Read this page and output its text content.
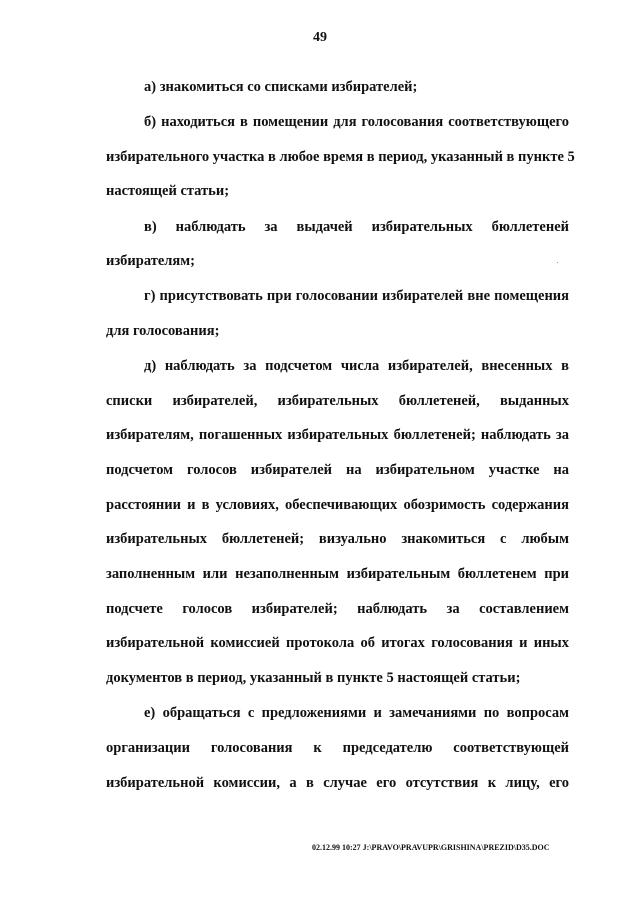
49
а) знакомиться со списками избирателей;
б) находиться в помещении для голосования соответствующего
избирательного участка в любое время в период, указанный в пункте 5
настоящей статьи;
в) наблюдать за выдачей избирательных бюллетеней
избирателям;
г) присутствовать при голосовании избирателей вне помещения
для голосования;
д) наблюдать за подсчетом числа избирателей, внесенных в
списки избирателей, избирательных бюллетеней, выданных
избирателям, погашенных избирательных бюллетеней; наблюдать за
подсчетом голосов избирателей на избирательном участке на
расстоянии и в условиях, обеспечивающих обозримость содержания
избирательных бюллетеней; визуально знакомиться с любым
заполненным или незаполненным избирательным бюллетенем при
подсчете голосов избирателей; наблюдать за составлением
избирательной комиссией протокола об итогах голосования и иных
документов в период, указанный в пункте 5 настоящей статьи;
е) обращаться с предложениями и замечаниями по вопросам
организации голосования к председателю соответствующей
избирательной комиссии, а в случае его отсутствия к лицу, его
02.12.99 10:27 J:\PRAVO\PRAVUPR\GRISHINA\PREZID\D35.DOC
